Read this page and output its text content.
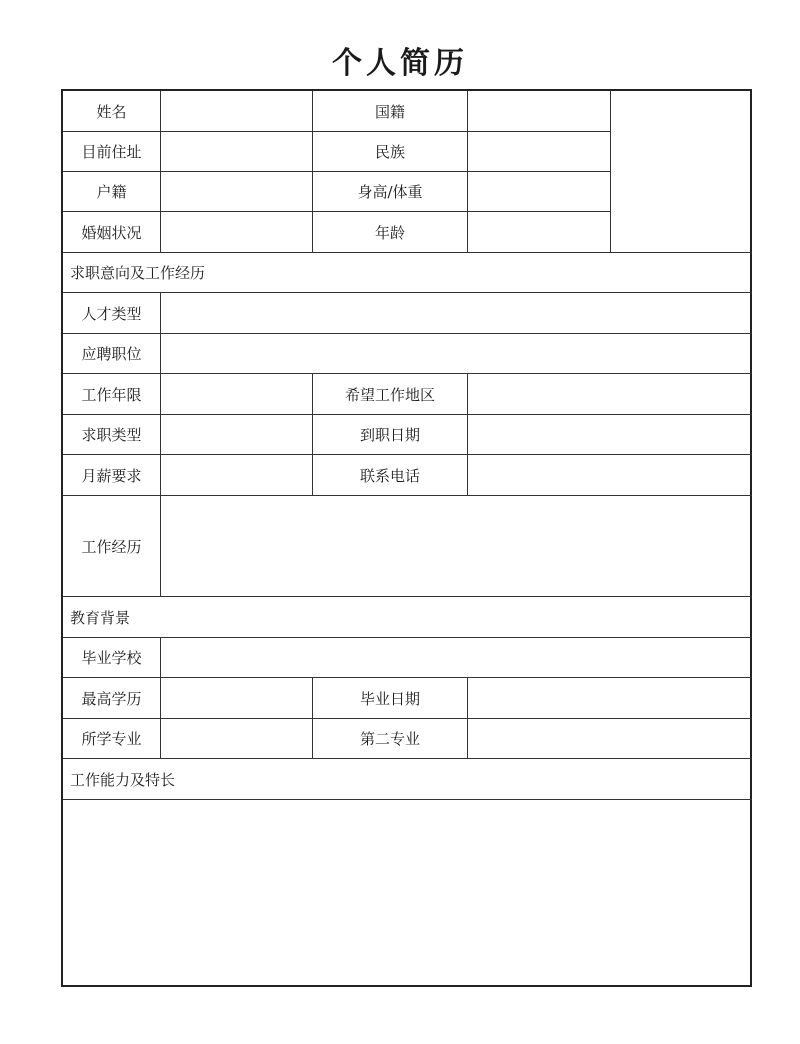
个人简历
姓名	国籍
目前住址	民族
户籍	身高/体重
婚姻状况	年龄
求职意向及工作经历
人才类型
应聘职位
工作年限	希望工作地区
求职类型	到职日期
月薪要求	联系电话
工作经历
教育背景
毕业学校
最高学历	毕业日期
所学专业	第二专业
工作能力及特长
